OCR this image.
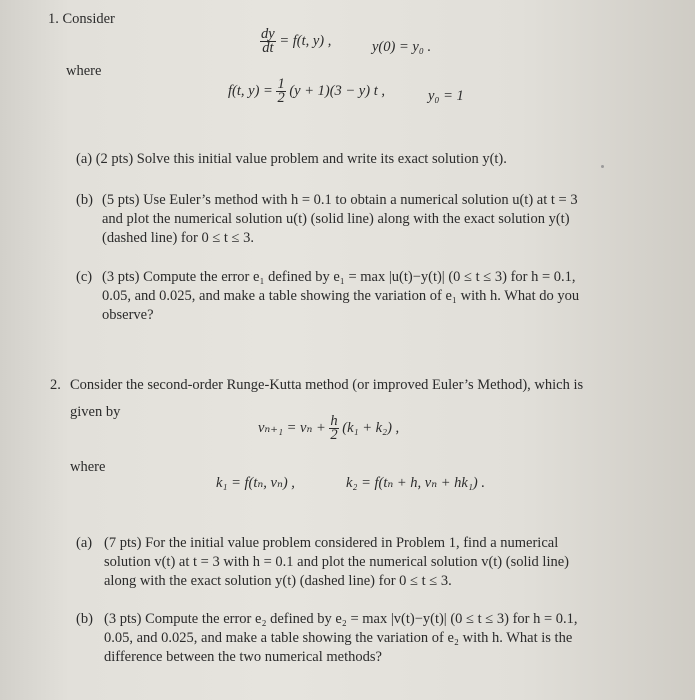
1. Consider
$\frac{dy}{dt} = f(t$, y) ,	y(0) = y₀ .
where
f(t, $y) = \frac{1}{2} (y + 1)(3 - y)$ t ,	y₀ = 1
(a) (2 pts) Solve this initial value problem and write its exact solution y(t).
(b) (5 pts) Use Euler’s method with h = 0.1 to obtain a numerical solution u(t) at t = 3
and plot the numerical solution u(t) (solid line) along with the exact solution y(t)
(dashed line) for 0 ≤ t ≤ 3.
(c) (3 pts) Compute the error e₁ defined by e₁ = max |u(t)−y(t)| (0 ≤ t ≤ 3) for h = 0.1,
0.05, and 0.025, and make a table showing the variation of e₁ with h. What do you
observe?
2. Consider the second-order Runge-Kutta method (or improved Euler’s Method), which is
given by
$v_{n+1} = v_n + \frac{h}{2} (k_1 + k_2)$ ,
where
k₁ = f(tₙ, vₙ) ,	k₂ = f(tₙ + h, vₙ + hk₁) .
(a) (7 pts) For the initial value problem considered in Problem 1, find a numerical
solution v(t) at t = 3 with h = 0.1 and plot the numerical solution v(t) (solid line)
along with the exact solution y(t) (dashed line) for 0 ≤ t ≤ 3.
(b) (3 pts) Compute the error e₂ defined by e₂ = max |v(t)−y(t)| (0 ≤ t ≤ 3) for h = 0.1,
0.05, and 0.025, and make a table showing the variation of e₂ with h. What is the
difference between the two numerical methods?
